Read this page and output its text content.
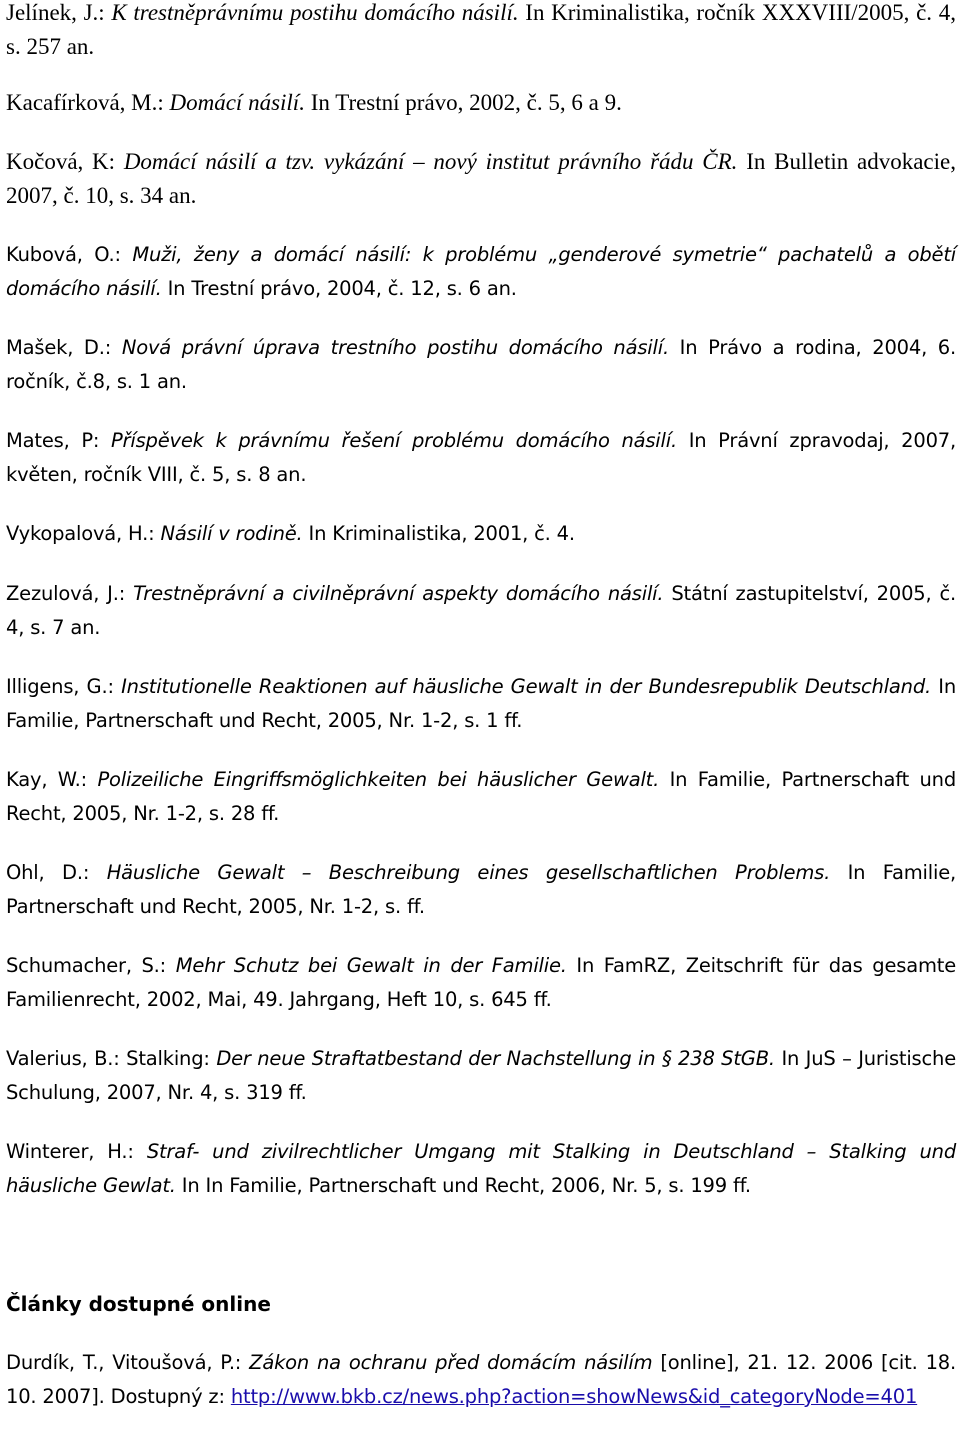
Jelínek, J.: K trestněprávnímu postihu domácího násilí. In Kriminalistika, ročník XXXVIII/2005, č. 4, s. 257 an.

Kacafírková, M.: Domácí násilí. In Trestní právo, 2002, č. 5, 6 a 9.

Kočová, K: Domácí násilí a tzv. vykázání – nový institut právního řádu ČR. In Bulletin advokacie, 2007, č. 10, s. 34 an.

Kubová, O.: Muži, ženy a domácí násilí: k problému „genderové symetrie“ pachatelů a obětí domácího násilí. In Trestní právo, 2004, č. 12, s. 6 an.

Mašek, D.: Nová právní úprava trestního postihu domácího násilí. In Právo a rodina, 2004, 6. ročník, č.8, s. 1 an.

Mates, P: Příspěvek k právnímu řešení problému domácího násilí. In Právní zpravodaj, 2007, květen, ročník VIII, č. 5, s. 8 an.

Vykopalová, H.: Násilí v rodině. In Kriminalistika, 2001, č. 4.

Zezulová, J.: Trestněprávní a civilněprávní aspekty domácího násilí. Státní zastupitelství, 2005, č. 4, s. 7 an.

Illigens, G.: Institutionelle Reaktionen auf häusliche Gewalt in der Bundesrepublik Deutschland. In Familie, Partnerschaft und Recht, 2005, Nr. 1-2, s. 1 ff.

Kay, W.: Polizeiliche Eingriffsmöglichkeiten bei häuslicher Gewalt. In Familie, Partnerschaft und Recht, 2005, Nr. 1-2, s. 28 ff.

Ohl, D.: Häusliche Gewalt – Beschreibung eines gesellschaftlichen Problems. In Familie, Partnerschaft und Recht, 2005, Nr. 1-2, s. ff.

Schumacher, S.: Mehr Schutz bei Gewalt in der Familie. In FamRZ, Zeitschrift für das gesamte Familienrecht, 2002, Mai, 49. Jahrgang, Heft 10, s. 645 ff.

Valerius, B.: Stalking: Der neue Straftatbestand der Nachstellung in § 238 StGB. In JuS – Juristische Schulung, 2007, Nr. 4, s. 319 ff.

Winterer, H.: Straf- und zivilrechtlicher Umgang mit Stalking in Deutschland – Stalking und häusliche Gewlat. In In Familie, Partnerschaft und Recht, 2006, Nr. 5, s. 199 ff.

Články dostupné online

Durdík, T., Vitoušová, P.: Zákon na ochranu před domácím násilím [online], 21. 12. 2006 [cit. 18. 10. 2007]. Dostupný z: http://www.bkb.cz/news.php?action=showNews&id_categoryNode=401
